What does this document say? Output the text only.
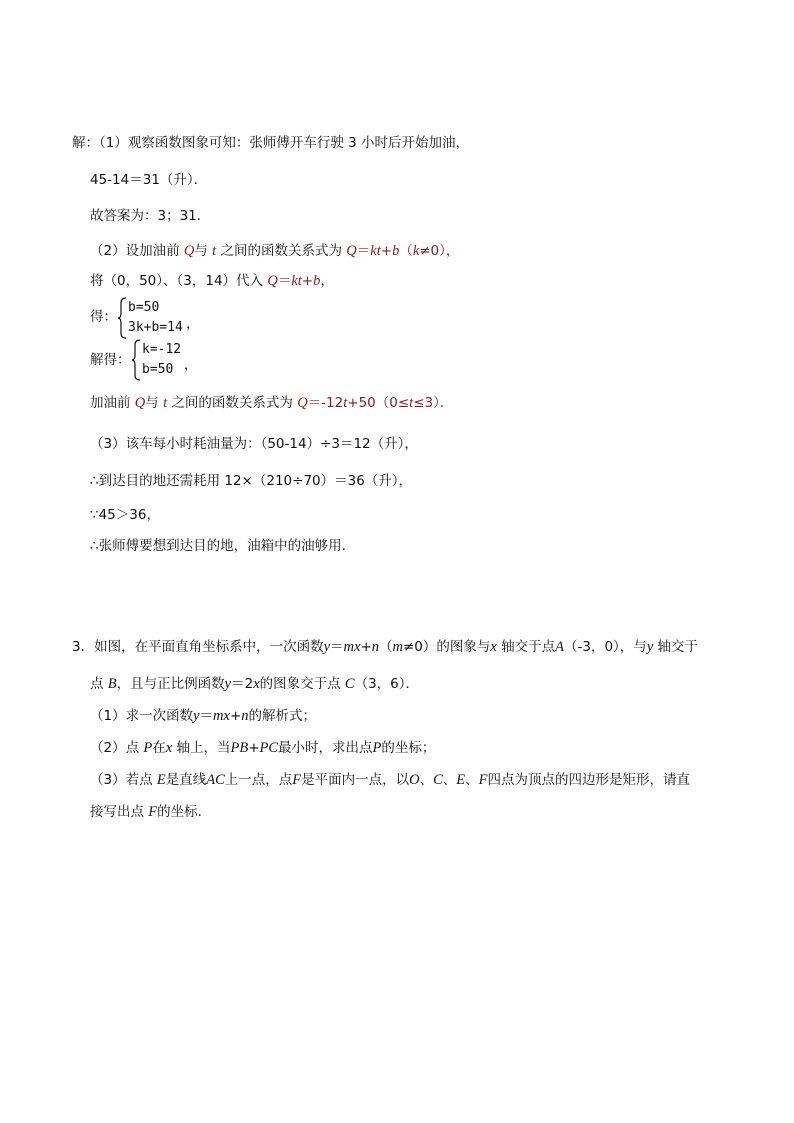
解：（1）观察函数图象可知：张师傅开车行驶 3 小时后开始加油，
45-14＝31（升）．
故答案为：3；31．
（2）设加油前 Q与 t 之间的函数关系式为 Q＝kt+b（k≠0），
将（0，50）、（3，14）代入 Q＝kt+b，
得：
b=50
3k+b=14 ，
解得：
k=-12
b=50 ，
加油前 Q与 t 之间的函数关系式为 Q＝-12t+50（0≤t≤3）．
（3）该车每小时耗油量为：（50-14）÷3＝12（升），
∴到达目的地还需耗用 12×（210÷70）＝36（升），
∵45＞36，
∴张师傅要想到达目的地，油箱中的油够用．
3．如图，在平面直角坐标系中，一次函数y＝mx+n（m≠0）的图象与x 轴交于点A（-3，0），与y 轴交于
点 B，且与正比例函数y＝2x的图象交于点 C（3，6）．
（1）求一次函数y＝mx+n的解析式；
（2）点 P在x 轴上，当PB+PC最小时，求出点P的坐标；
（3）若点 E是直线AC上一点，点F是平面内一点，以O、C、E、F四点为顶点的四边形是矩形，请直
接写出点 F的坐标．
